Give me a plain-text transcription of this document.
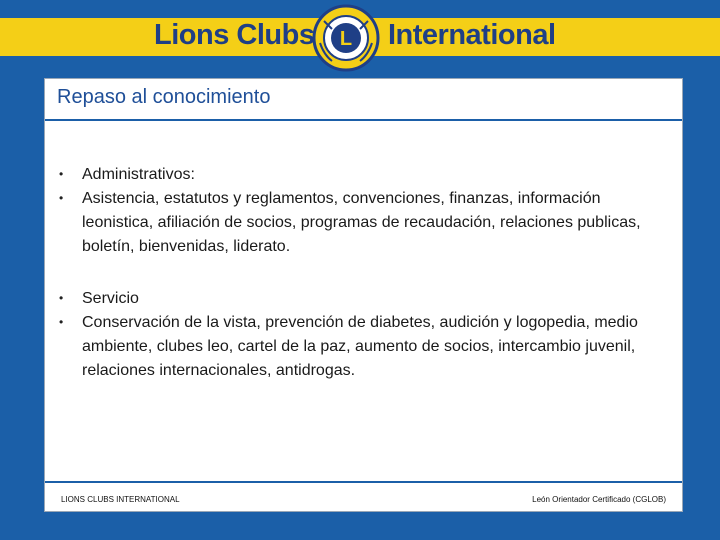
Lions Clubs L International
Repaso al conocimiento
• Administrativos:
• Asistencia, estatutos y reglamentos, convenciones, finanzas, información leonistica, afiliación de socios, programas de recaudación, relaciones publicas, boletín, bienvenidas, liderato.
• Servicio
• Conservación de la vista, prevención de diabetes, audición y logopedia, medio ambiente, clubes leo, cartel de la paz, aumento de socios, intercambio juvenil, relaciones internacionales, antidrogas.
LIONS CLUBS INTERNATIONAL	León Orientador Certificado (CGLOB)
